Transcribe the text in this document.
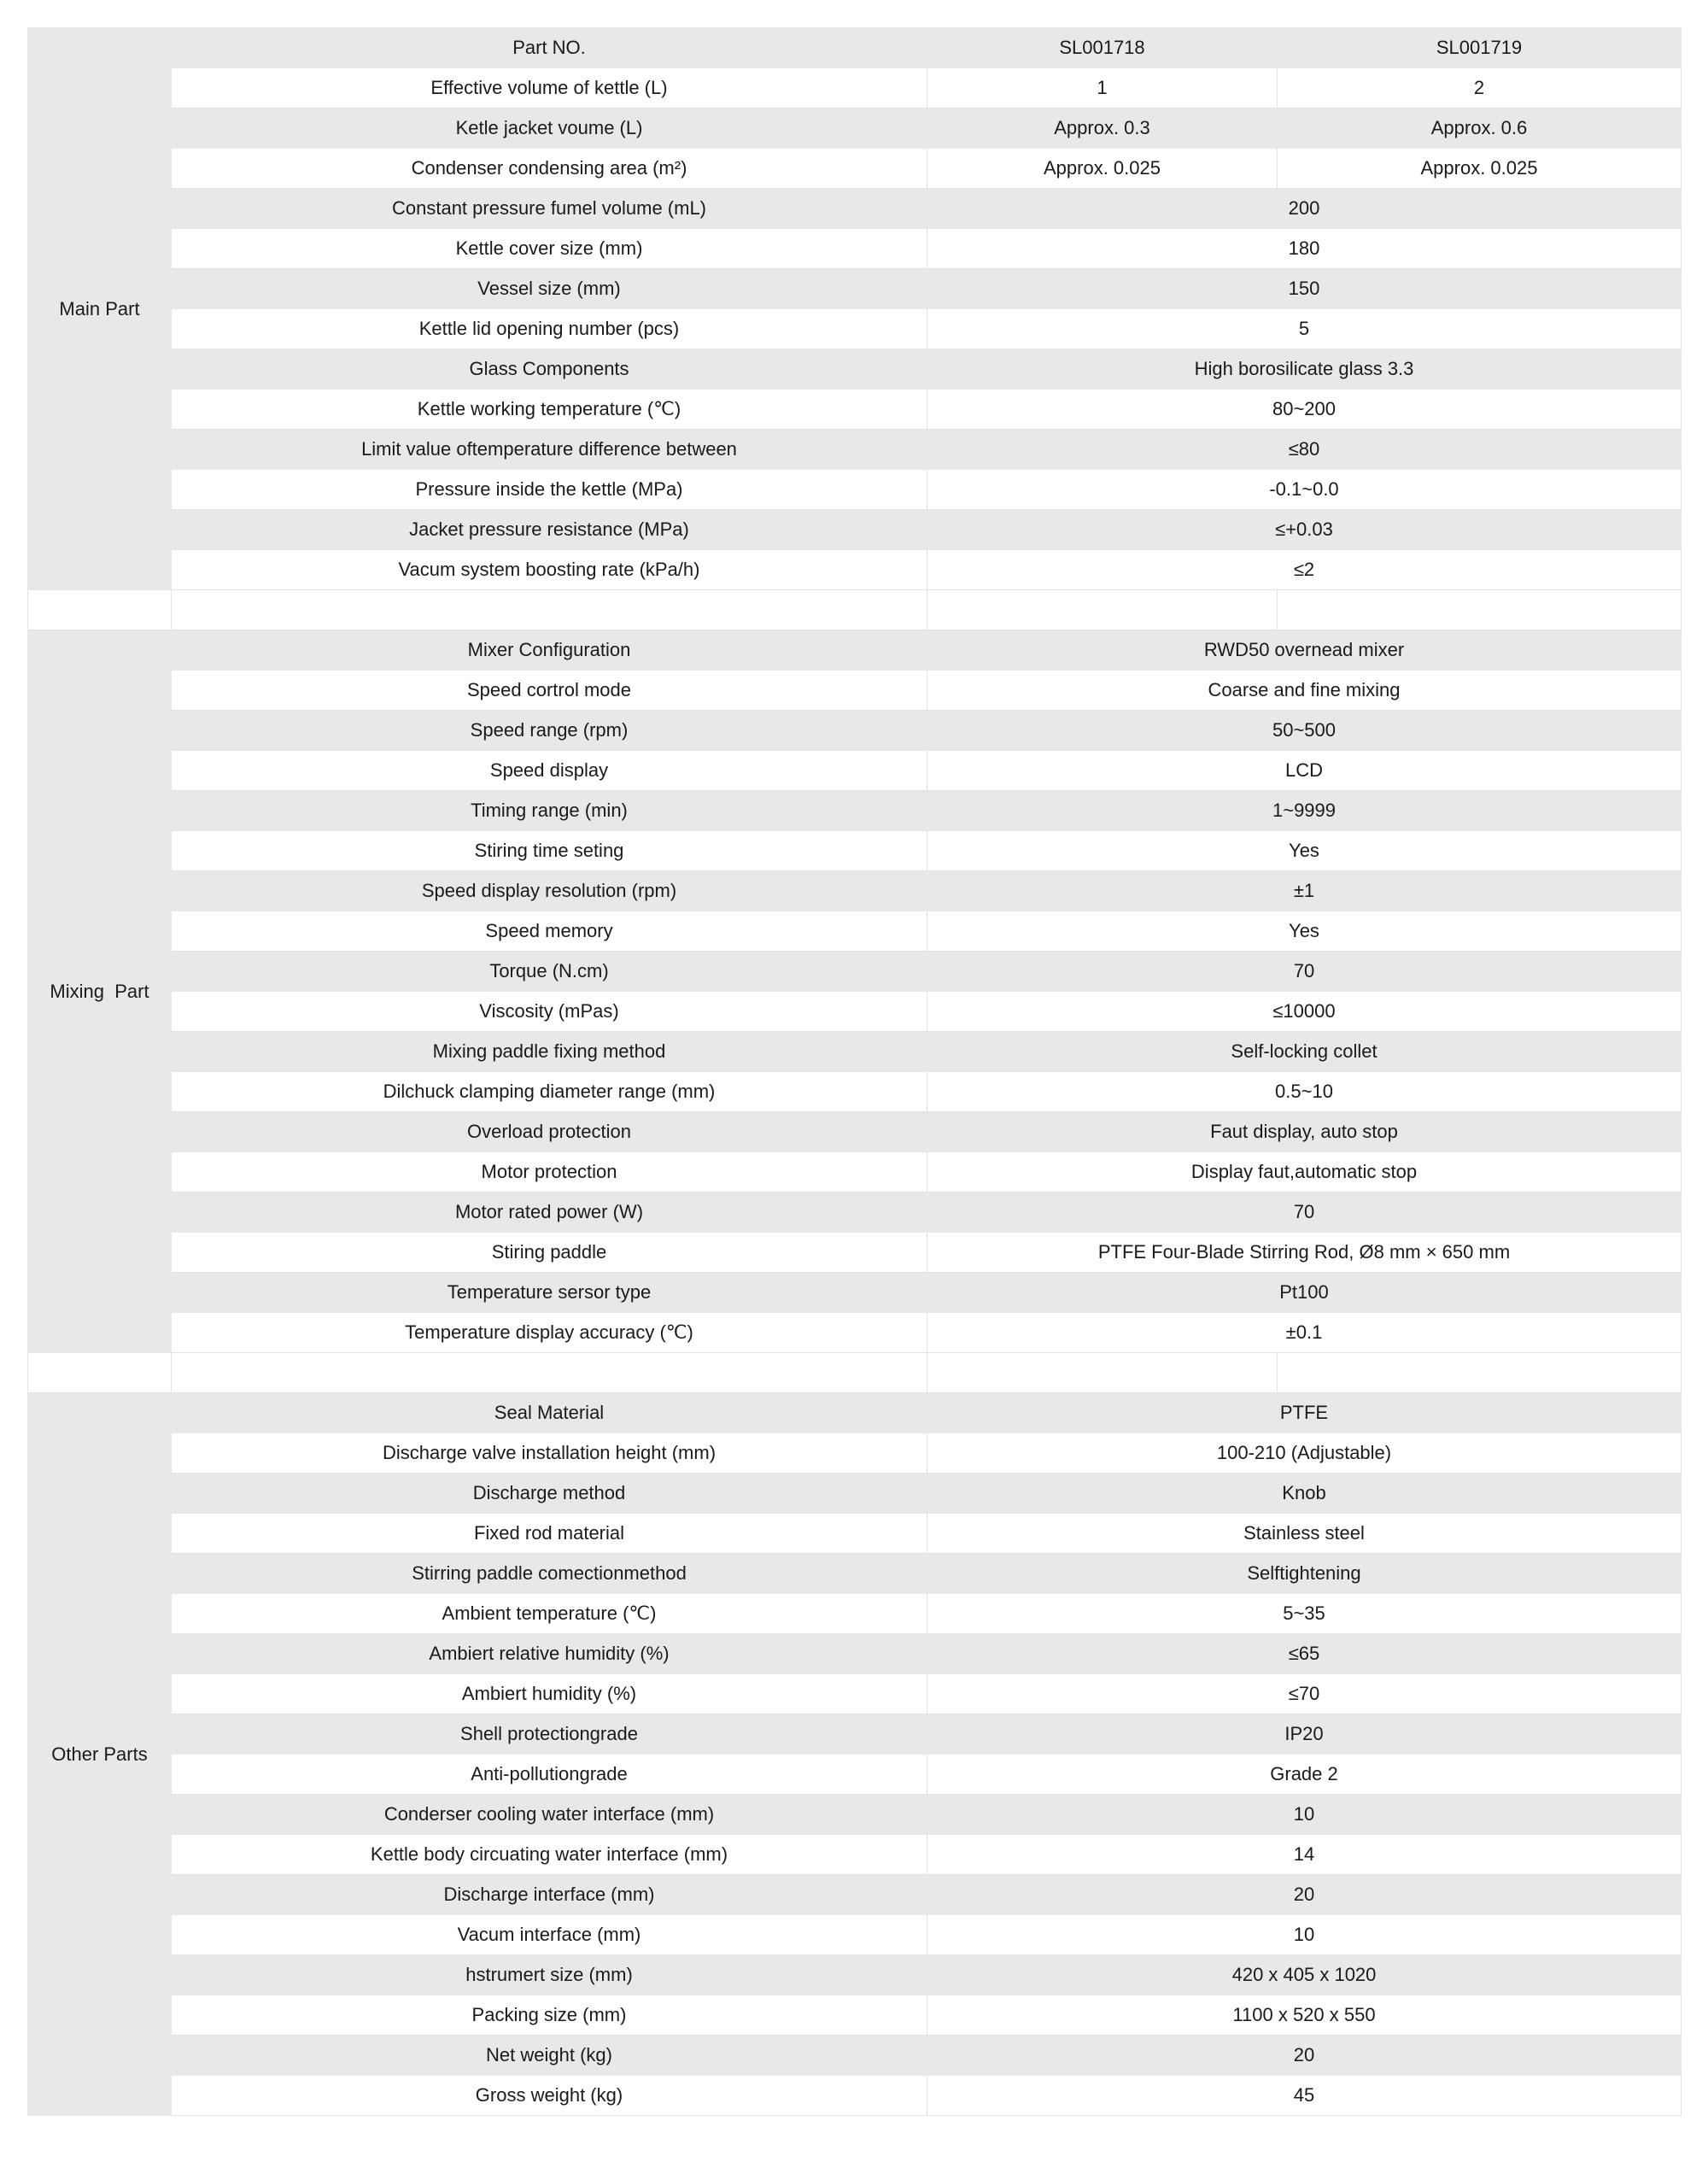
Main Part	Part NO.	SL001718	SL001719
	Effective volume of kettle (L)	1	2
	Ketle jacket voume (L)	Approx. 0.3	Approx. 0.6
	Condenser condensing area (m²)	Approx. 0.025	Approx. 0.025
	Constant pressure fumel volume (mL)	200	
	Kettle cover size (mm)	180	
	Vessel size (mm)	150	
	Kettle lid opening number (pcs)	5	
	Glass Components	High borosilicate glass 3.3	
	Kettle working temperature (℃)	80~200	
	Limit value oftemperature difference between	≤80	
	Pressure inside the kettle (MPa)	-0.1~0.0	
	Jacket pressure resistance (MPa)	≤+0.03	
	Vacum system boosting rate (kPa/h)	≤2	

Mixing  Part	Mixer Configuration	RWD50 overnead mixer	
	Speed cortrol mode	Coarse and fine mixing	
	Speed range (rpm)	50~500	
	Speed display	LCD	
	Timing range (min)	1~9999	
	Stiring time seting	Yes	
	Speed display resolution (rpm)	±1	
	Speed memory	Yes	
	Torque (N.cm)	70	
	Viscosity (mPas)	≤10000	
	Mixing paddle fixing method	Self-locking collet	
	Dilchuck clamping diameter range (mm)	0.5~10	
	Overload protection	Faut display, auto stop	
	Motor protection	Display faut,automatic stop	
	Motor rated power (W)	70	
	Stiring paddle	PTFE Four-Blade Stirring Rod, Ø8 mm × 650 mm	
	Temperature sersor type	Pt100	
	Temperature display accuracy (℃)	±0.1	

Other Parts	Seal Material	PTFE	
	Discharge valve installation height (mm)	100-210 (Adjustable)	
	Discharge method	Knob	
	Fixed rod material	Stainless steel	
	Stirring paddle comectionmethod	Selftightening	
	Ambient temperature (℃)	5~35	
	Ambiert relative humidity (%)	≤65	
	Ambiert humidity (%)	≤70	
	Shell protectiongrade	IP20	
	Anti-pollutiongrade	Grade 2	
	Conderser cooling water interface (mm)	10	
	Kettle body circuating water interface (mm)	14	
	Discharge interface (mm)	20	
	Vacum interface (mm)	10	
	hstrumert size (mm)	420 x 405 x 1020	
	Packing size (mm)	1100 x 520 x 550	
	Net weight (kg)	20	
	Gross weight (kg)	45	
